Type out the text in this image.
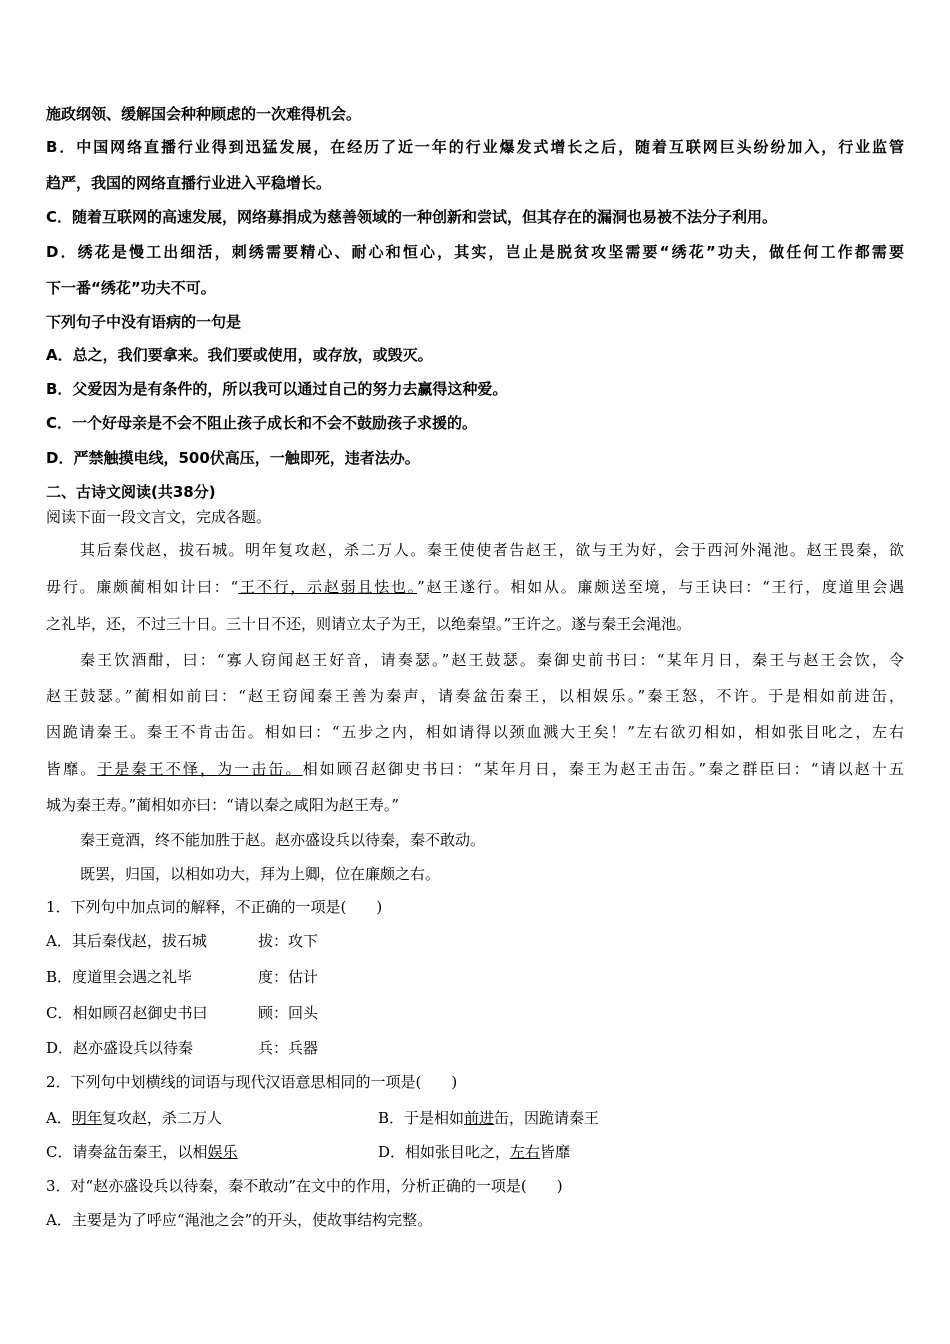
施政纲领、缓解国会种种顾虑的一次难得机会。
B．中国网络直播行业得到迅猛发展，在经历了近一年的行业爆发式增长之后，随着互联网巨头纷纷加入，行业监管
趋严，我国的网络直播行业进入平稳增长。
C．随着互联网的高速发展，网络募捐成为慈善领域的一种创新和尝试，但其存在的漏洞也易被不法分子利用。
D．绣花是慢工出细活，刺绣需要精心、耐心和恒心，其实，岂止是脱贫攻坚需要“绣花”功夫，做任何工作都需要
下一番“绣花”功夫不可。
下列句子中没有语病的一句是
A．总之，我们要拿来。我们要或使用，或存放，或毁灭。
B．父爱因为是有条件的，所以我可以通过自己的努力去赢得这种爱。
C．一个好母亲是不会不阻止孩子成长和不会不鼓励孩子求援的。
D．严禁触摸电线，500伏高压，一触即死，违者法办。
二、古诗文阅读(共38分)
阅读下面一段文言文，完成各题。
其后秦伐赵，拔石城。明年复攻赵，杀二万人。秦王使使者告赵王，欲与王为好，会于西河外渑池。赵王畏秦，欲
毋行。廉颇蔺相如计曰：“王不行，示赵弱且怯也。”赵王遂行。相如从。廉颇送至境，与王诀曰：“王行，度道里会遇
之礼毕，还，不过三十日。三十日不还，则请立太子为王，以绝秦望。”王许之。遂与秦王会渑池。
秦王饮酒酣，曰：“寡人窃闻赵王好音，请奏瑟。”赵王鼓瑟。秦御史前书曰：“某年月日，秦王与赵王会饮，令
赵王鼓瑟。”蔺相如前曰：“赵王窃闻秦王善为秦声，请奏盆缶秦王，以相娱乐。”秦王怒，不许。于是相如前进缶，
因跪请秦王。秦王不肯击缶。相如曰：“五步之内，相如请得以颈血溅大王矣！”左右欲刃相如，相如张目叱之，左右
皆靡。于是秦王不怿，为一击缶。相如顾召赵御史书曰：“某年月日，秦王为赵王击缶。”秦之群臣曰：“请以赵十五
城为秦王寿。”蔺相如亦曰：“请以秦之咸阳为赵王寿。”
秦王竟酒，终不能加胜于赵。赵亦盛设兵以待秦，秦不敢动。
既罢，归国，以相如功大，拜为上卿，位在廉颇之右。
1．下列句中加点词的解释，不正确的一项是(　　)
A．其后秦伐赵，拔石城	拔：攻下
B．度道里会遇之礼毕	度：估计
C．相如顾召赵御史书曰	顾：回头
D．赵亦盛设兵以待秦	兵：兵器
2．下列句中划横线的词语与现代汉语意思相同的一项是(　　)
A．明年复攻赵，杀二万人	B．于是相如前进缶，因跪请秦王
C．请奏盆缶秦王，以相娱乐	D．相如张目叱之，左右皆靡
3．对“赵亦盛设兵以待秦，秦不敢动”在文中的作用，分析正确的一项是(　　)
A．主要是为了呼应“渑池之会”的开头，使故事结构完整。
